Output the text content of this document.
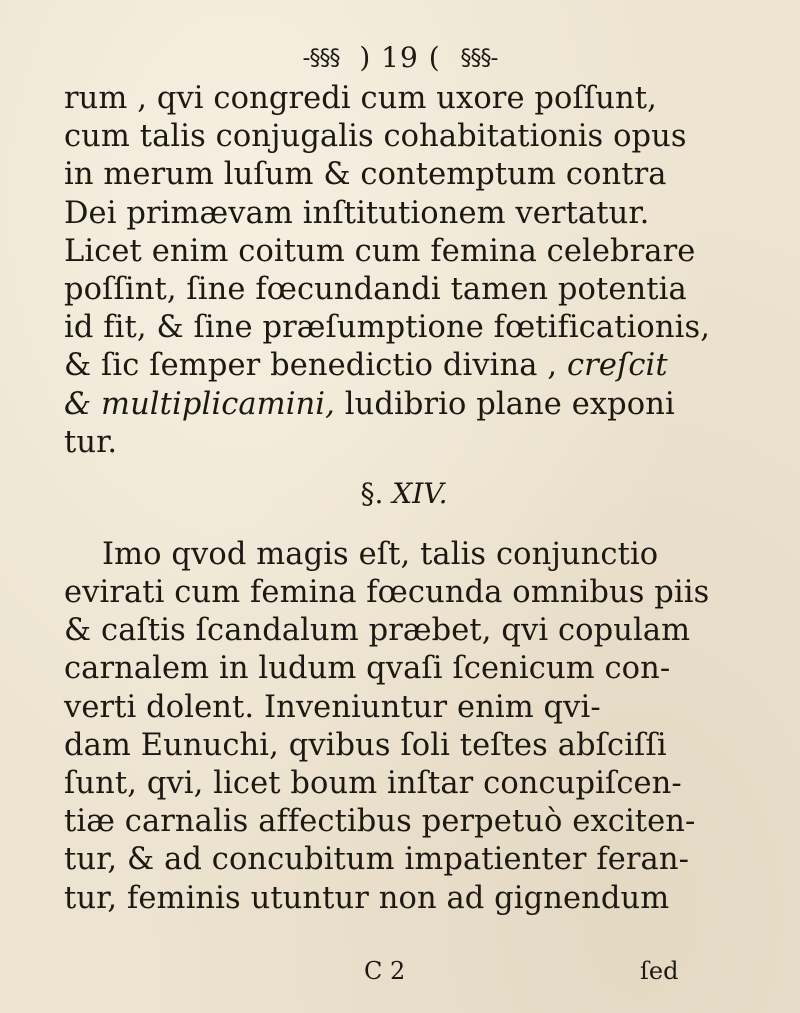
-§§§ ) 19 ( §§§-
rum , qvi congredi cum uxore poſſunt,
cum talis conjugalis cohabitationis opus
in merum luſum & contemptum contra
Dei primævam inſtitutionem vertatur.
Licet enim coitum cum femina celebrare
poſſint, ſine fœcundandi tamen potentia
id fit, & ſine præſumptione fœtificationis,
& ſic ſemper benedictio divina , creſcit
& multiplicamini, ludibrio plane exponi
tur.
§. XIV.
Imo qvod magis eſt, talis conjunctio
evirati cum femina fœcunda omnibus piis
& caſtis ſcandalum præbet, qvi copulam
carnalem in ludum qvaſi ſcenicum con-
verti dolent. Inveniuntur enim qvi-
dam Eunuchi, qvibus ſoli teſtes abſciſſi
ſunt, qvi, licet boum inſtar concupiſcen-
tiæ carnalis affectibus perpetuò exciten-
tur, & ad concubitum impatienter feran-
tur, feminis utuntur non ad gignendum
C 2	ſed
